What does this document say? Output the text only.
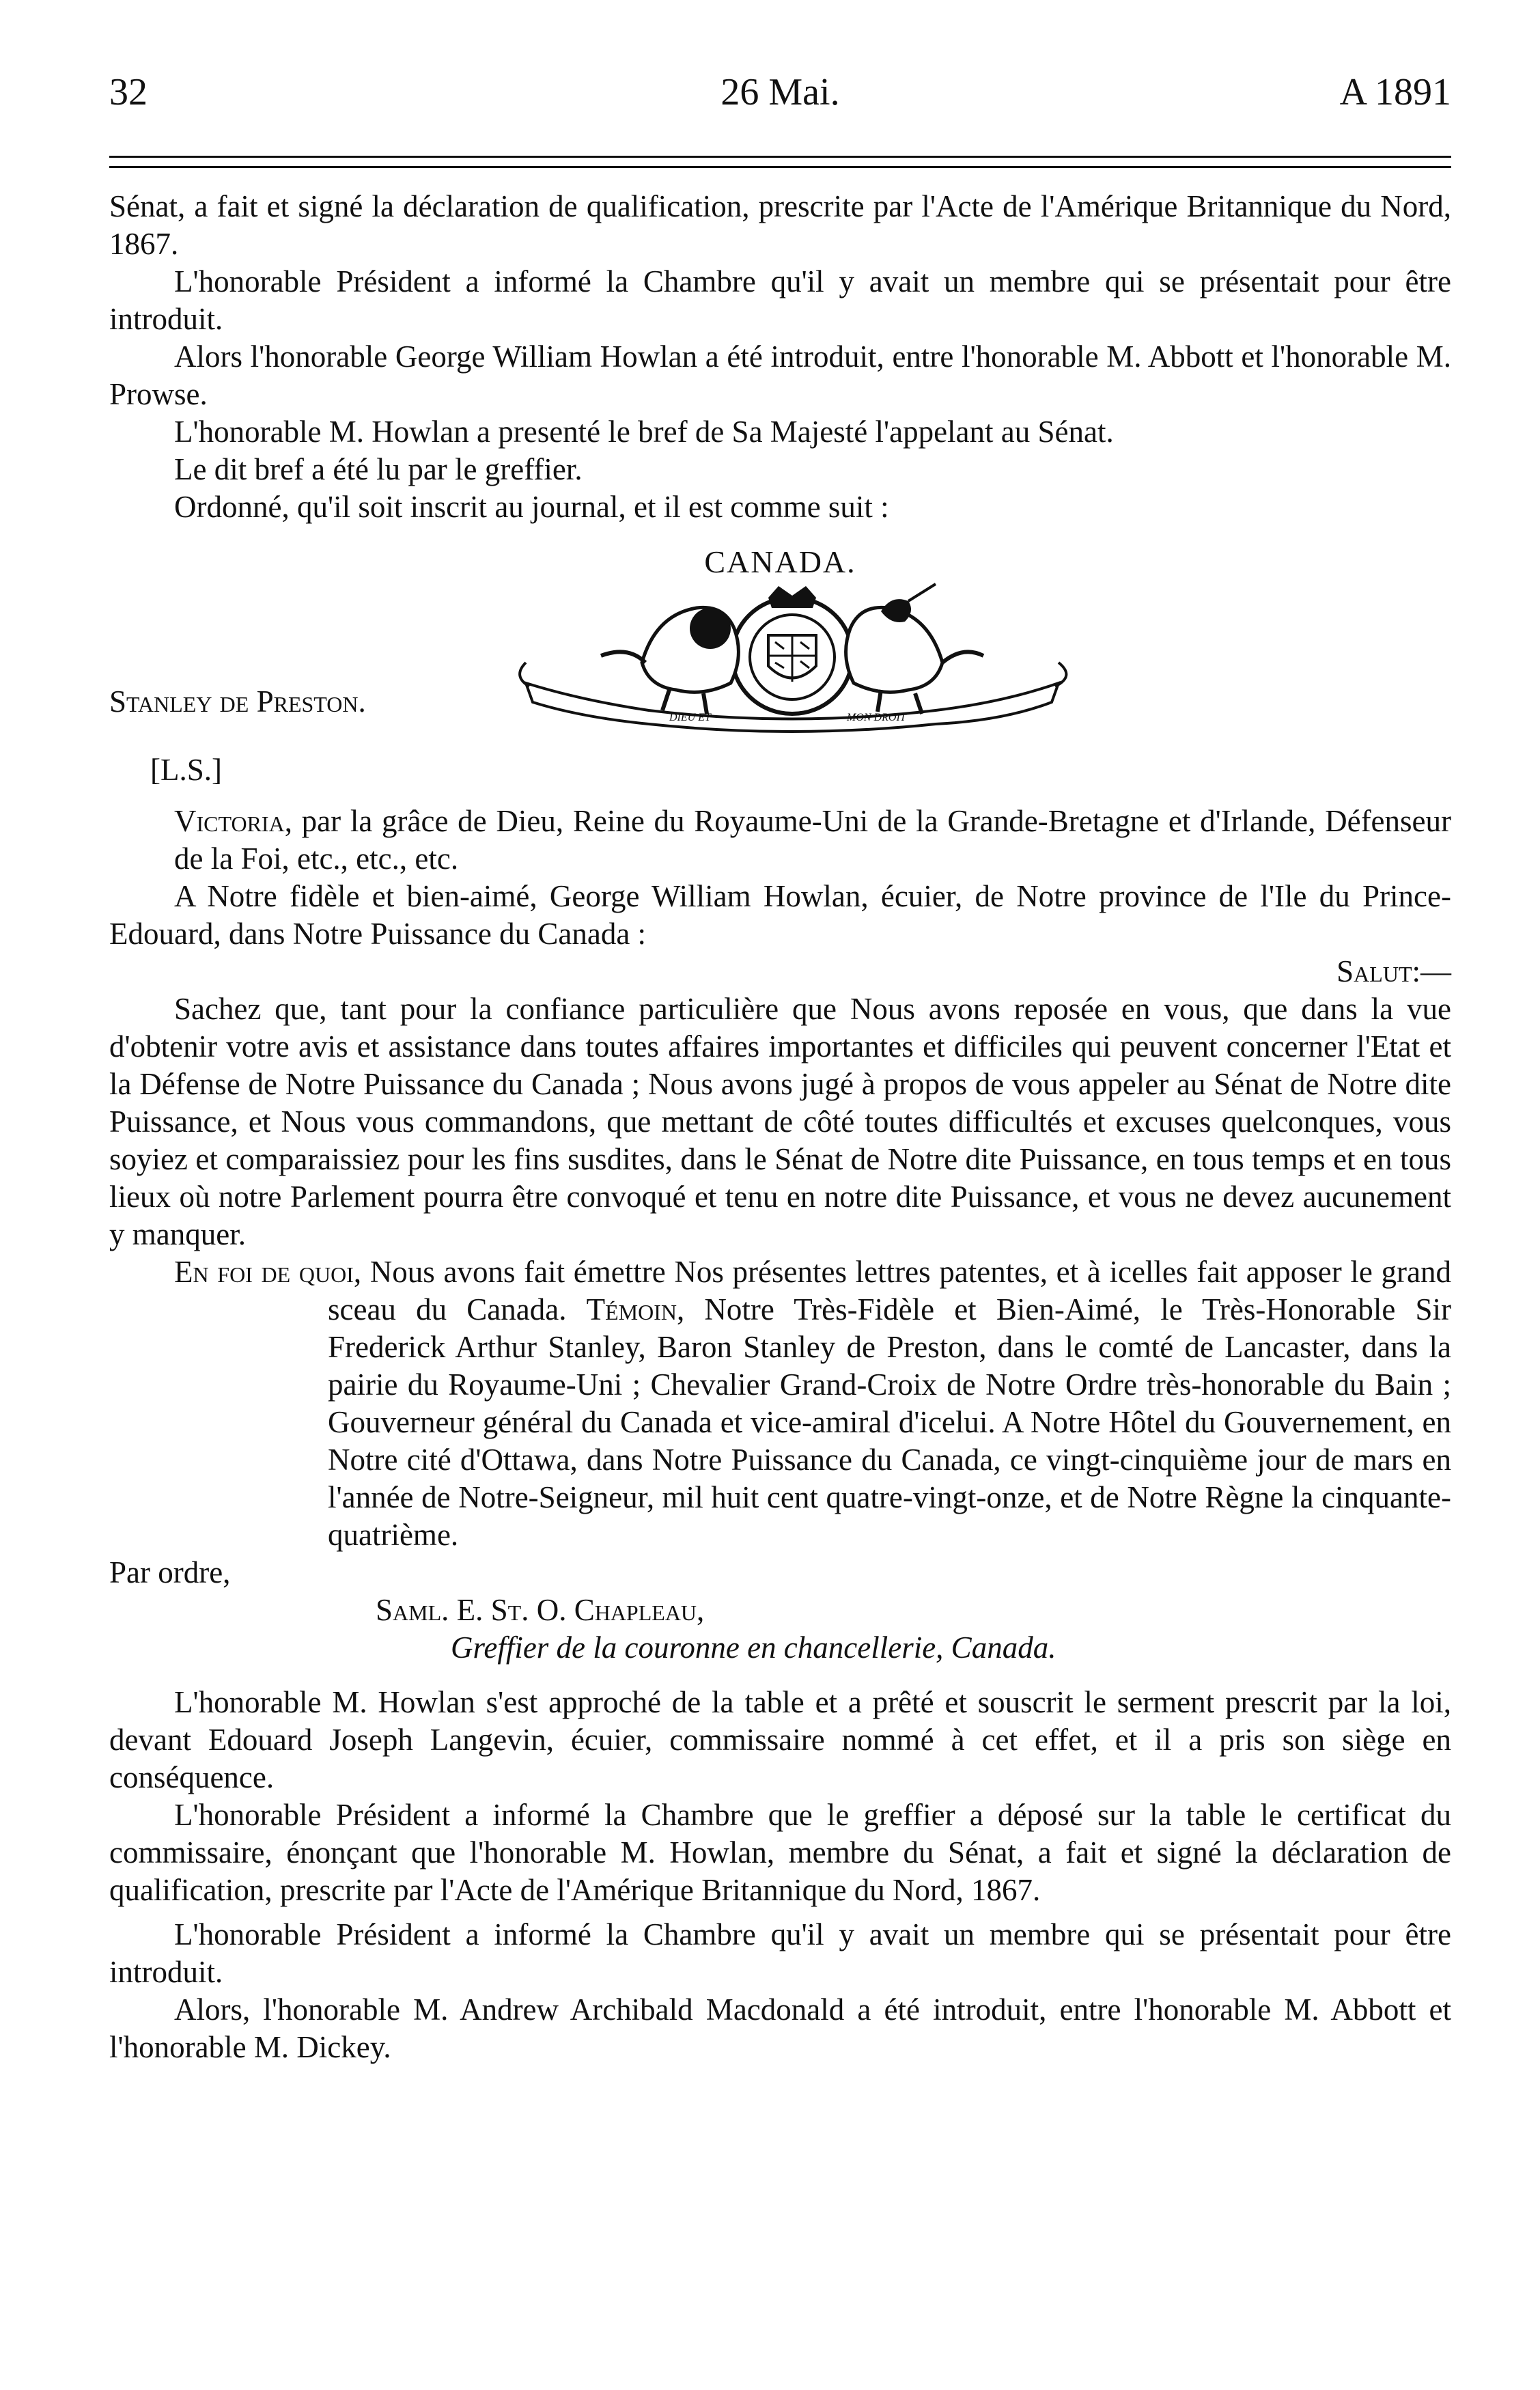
26 Mai.
32	A 1891

Sénat, a fait et signé la déclaration de qualification, prescrite par l'Acte de l'Amérique Britannique du Nord, 1867.

L'honorable Président a informé la Chambre qu'il y avait un membre qui se présentait pour être introduit.

Alors l'honorable George William Howlan a été introduit, entre l'honorable M. Abbott et l'honorable M. Prowse.

L'honorable M. Howlan a presenté le bref de Sa Majesté l'appelant au Sénat.

Le dit bref a été lu par le greffier.

Ordonné, qu'il soit inscrit au journal, et il est comme suit :

CANADA.

DIEU ET	MON DROIT
Stanley de Preston.

[L.S.]

Victoria, par la grâce de Dieu, Reine du Royaume-Uni de la Grande-Bretagne et d'Irlande, Défenseur de la Foi, etc., etc., etc.

A Notre fidèle et bien-aimé, George William Howlan, écuier, de Notre province de l'Ile du Prince-Edouard, dans Notre Puissance du Canada :

Salut:—

Sachez que, tant pour la confiance particulière que Nous avons reposée en vous, que dans la vue d'obtenir votre avis et assistance dans toutes affaires importantes et difficiles qui peuvent concerner l'Etat et la Défense de Notre Puissance du Canada ; Nous avons jugé à propos de vous appeler au Sénat de Notre dite Puissance, et Nous vous commandons, que mettant de côté toutes difficultés et excuses quelconques, vous soyiez et comparaissiez pour les fins susdites, dans le Sénat de Notre dite Puissance, en tous temps et en tous lieux où notre Parlement pourra être convoqué et tenu en notre dite Puissance, et vous ne devez aucunement y manquer.

En foi de quoi, Nous avons fait émettre Nos présentes lettres patentes, et à icelles fait apposer le grand sceau du Canada. Témoin, Notre Très-Fidèle et Bien-Aimé, le Très-Honorable Sir Frederick Arthur Stanley, Baron Stanley de Preston, dans le comté de Lancaster, dans la pairie du Royaume-Uni ; Chevalier Grand-Croix de Notre Ordre très-honorable du Bain ; Gouverneur général du Canada et vice-amiral d'icelui. A Notre Hôtel du Gouvernement, en Notre cité d'Ottawa, dans Notre Puissance du Canada, ce vingt-cinquième jour de mars en l'année de Notre-Seigneur, mil huit cent quatre-vingt-onze, et de Notre Règne la cinquante-quatrième.

Par ordre,

Saml. E. St. O. Chapleau,
Greffier de la couronne en chancellerie, Canada.

L'honorable M. Howlan s'est approché de la table et a prêté et souscrit le serment prescrit par la loi, devant Edouard Joseph Langevin, écuier, commissaire nommé à cet effet, et il a pris son siège en conséquence.

L'honorable Président a informé la Chambre que le greffier a déposé sur la table le certificat du commissaire, énonçant que l'honorable M. Howlan, membre du Sénat, a fait et signé la déclaration de qualification, prescrite par l'Acte de l'Amérique Britannique du Nord, 1867.

L'honorable Président a informé la Chambre qu'il y avait un membre qui se présentait pour être introduit.

Alors, l'honorable M. Andrew Archibald Macdonald a été introduit, entre l'honorable M. Abbott et l'honorable M. Dickey.
